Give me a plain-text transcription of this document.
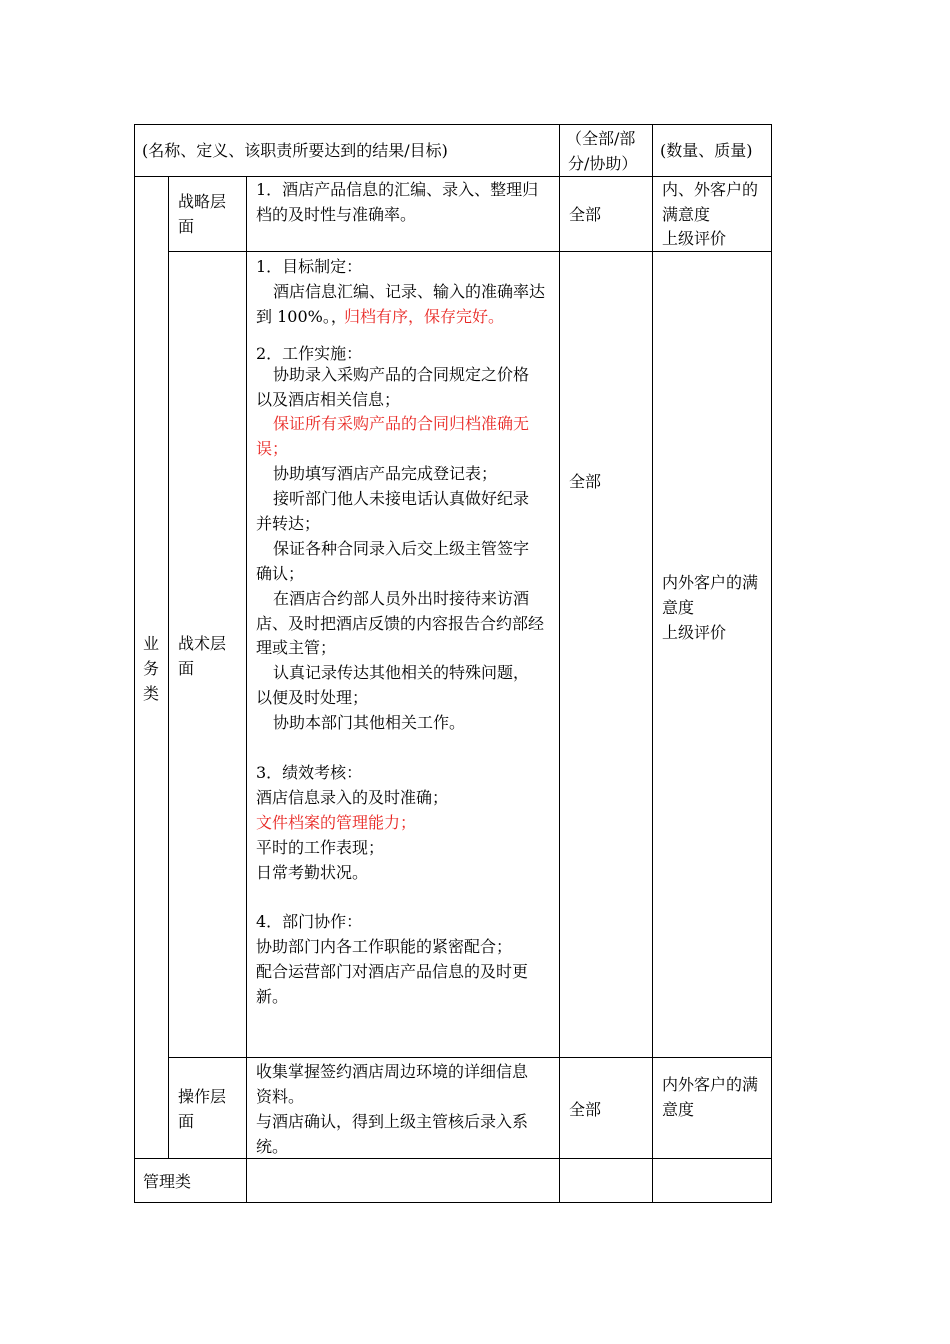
(名称、定义、该职责所要达到的结果/目标)
（全部/部
分/协助）
(数量、质量)
业
务
类
战略层
面
1．酒店产品信息的汇编、录入、整理归
档的及时性与准确率。	全部
内、外客户的
满意度
上级评价
战术层
面
全部
内外客户的满
意度
上级评价
1．目标制定：
酒店信息汇编、记录、输入的准确率达
到 100%。，
归档有序，保存完好。
2．工作实施：
协助录入采购产品的合同规定之价格
以及酒店相关信息；
保证所有采购产品的合同归档准确无
误；
协助填写酒店产品完成登记表；
接听部门他人未接电话认真做好纪录
并转达；
保证各种合同录入后交上级主管签字
确认；
在酒店合约部人员外出时接待来访酒
店、及时把酒店反馈的内容报告合约部经
理或主管；
认真记录传达其他相关的特殊问题，
以便及时处理；
协助本部门其他相关工作。
3．绩效考核：
酒店信息录入的及时准确；
文件档案的管理能力；
平时的工作表现；
日常考勤状况。
4．部门协作：
协助部门内各工作职能的紧密配合；
配合运营部门对酒店产品信息的及时更
新。
操作层
面
收集掌握签约酒店周边环境的详细信息
资料。
与酒店确认，得到上级主管核后录入系
统。
全部
内外客户的满
意度
管理类
